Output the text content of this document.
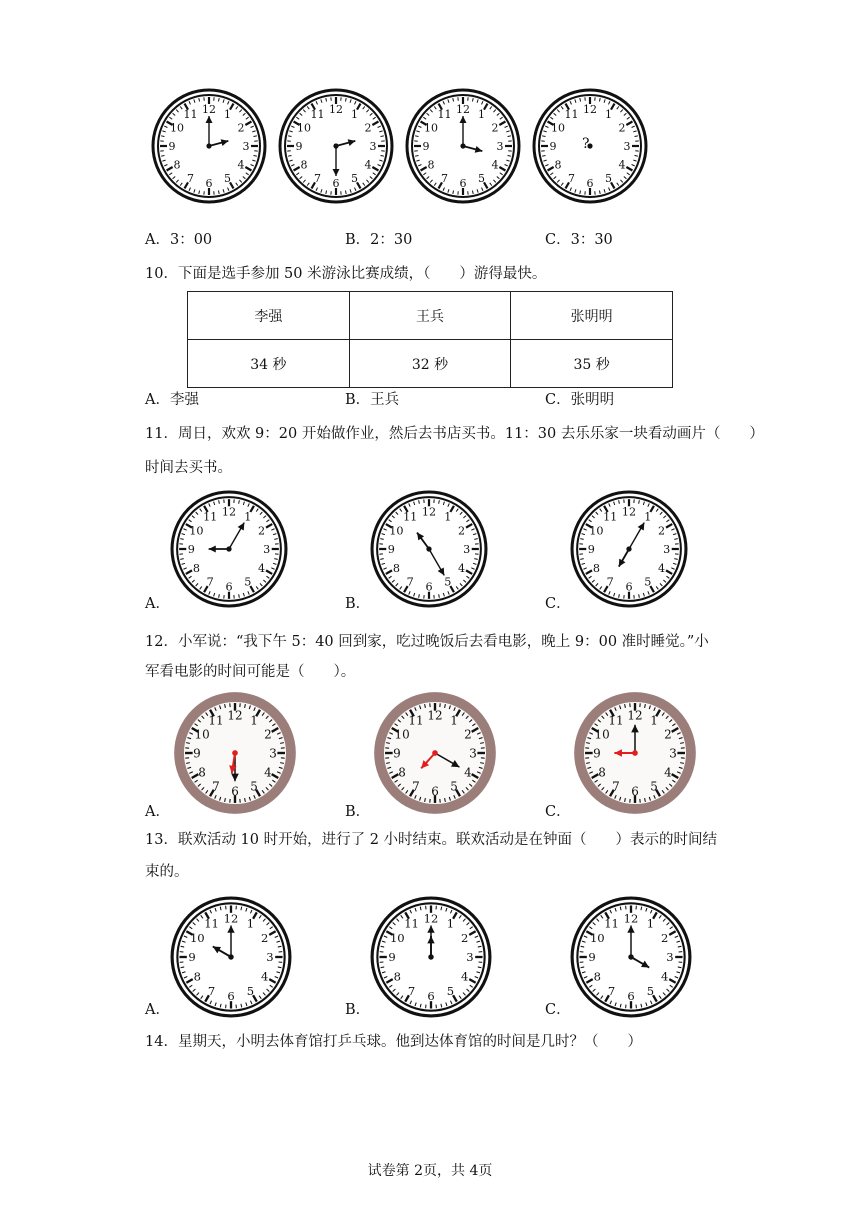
12 1
2
3
4
5
6
7
8
9
10
11	12 1
2
3
4
5
6
7
8
9
10
11	12 1
2
3
4
5
6
7
8
9
10
11	12 1
2
3
4
5
6
7
8
9
10
11
?
A．3：00	B．2：30	C．3：30
10．下面是选手参加 50 米游泳比赛成绩，（　　）游得最快。
李强	王兵	张明明
34 秒	32 秒	35 秒
A．李强	B．王兵	C．张明明
11．周日，欢欢 9：20 开始做作业，然后去书店买书。11：30 去乐乐家一块看动画片（　　）
时间去买书。
12 1
2
3
4
5
6
7
8
9
10
11	12 1
2
3
4
5
6
7
8
9
10
11	12 1
2
3
4
5
6
7
8
9
10
11
A．	B．	C．
12．小军说：“我下午 5：40 回到家，吃过晚饭后去看电影，晚上 9：00 准时睡觉。”小
军看电影的时间可能是（　　）。
12 1
2
3
4
5
6
7
8
9
10
11	12 1
2
3
4
5
6
7
8
9
10
11	12 1
2
3
4
5
6
7
8
9
10
11
A．	B．	C．
13．联欢活动 10 时开始，进行了 2 小时结束。联欢活动是在钟面（　　）表示的时间结
束的。
12 1
2
3
4
5
6
7
8
9
10
11	12 1
2
3
4
5
6
7
8
9
10
11	12 1
2
3
4
5
6
7
8
9
10
11
A．	B．	C．
14．星期天，小明去体育馆打乒乓球。他到达体育馆的时间是几时？（　　）
试卷第 2页，共 4页
